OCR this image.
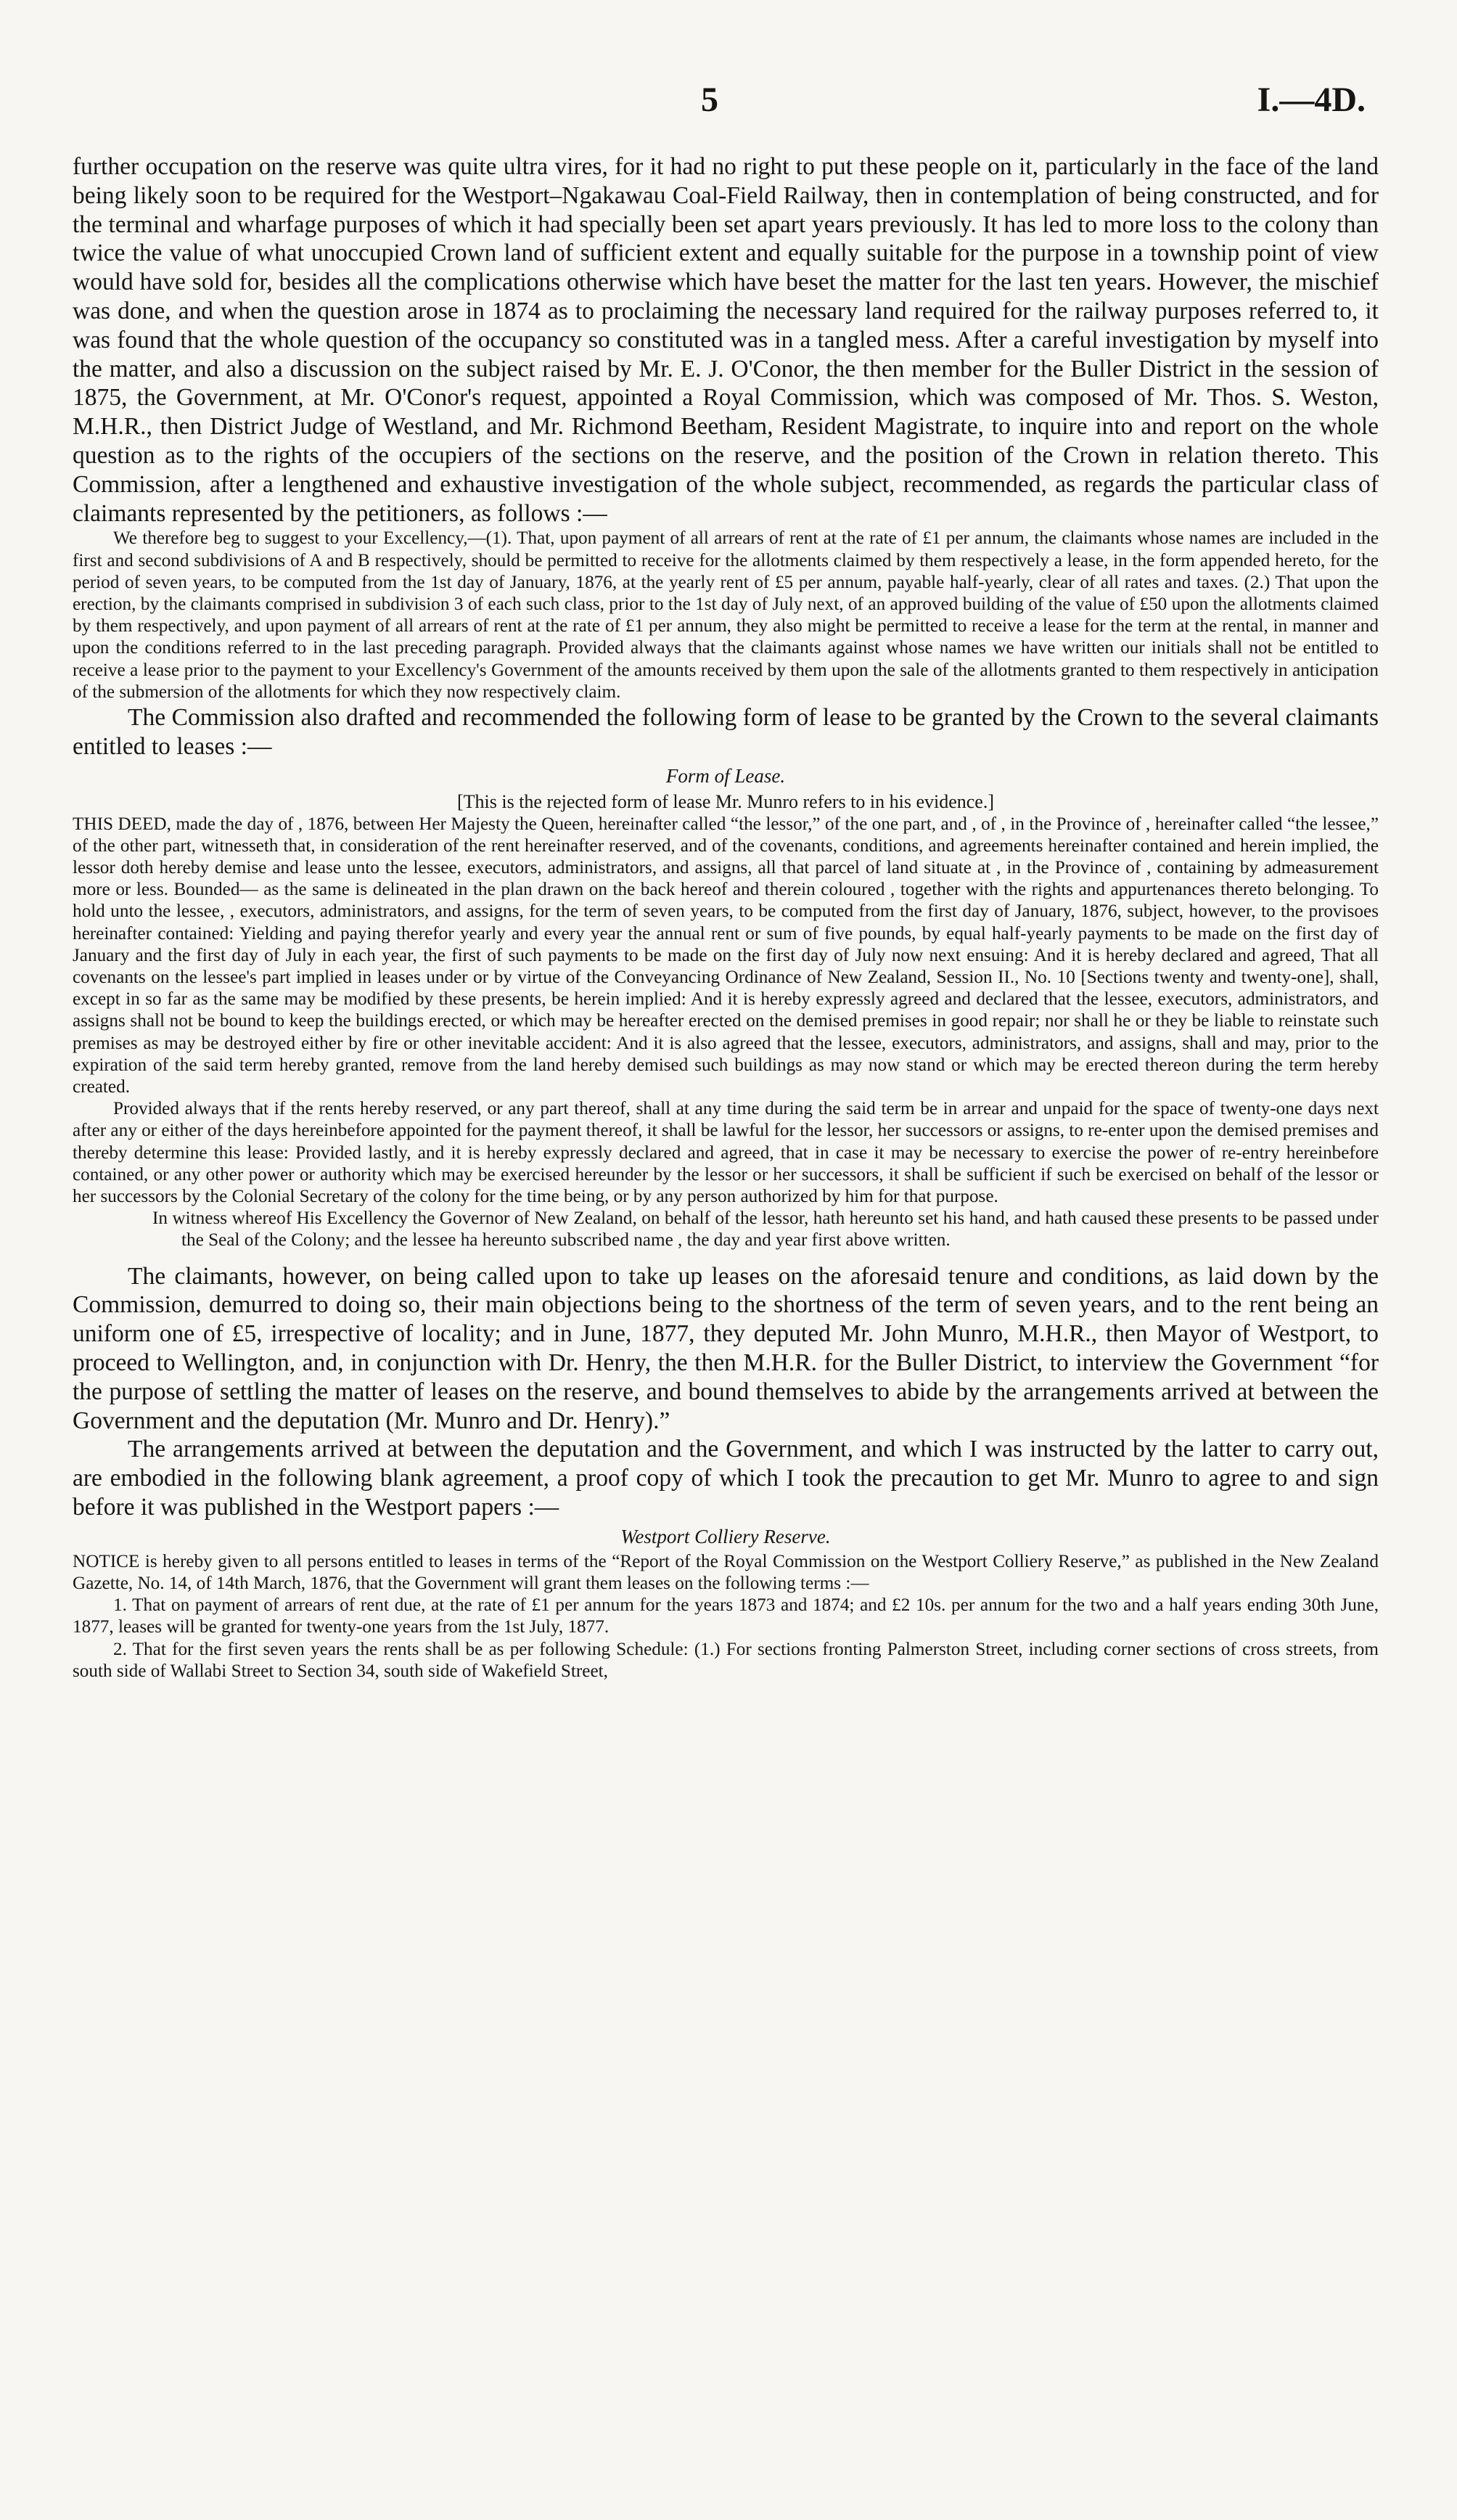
5	I.—4D.

further occupation on the reserve was quite ultra vires, for it had no right to put these people on it, particularly in the face of the land being likely soon to be required for the Westport–Ngakawau Coal-Field Railway, then in contemplation of being constructed, and for the terminal and wharfage purposes of which it had specially been set apart years previously. It has led to more loss to the colony than twice the value of what unoccupied Crown land of sufficient extent and equally suitable for the purpose in a township point of view would have sold for, besides all the complications otherwise which have beset the matter for the last ten years. However, the mischief was done, and when the question arose in 1874 as to proclaiming the necessary land required for the railway purposes referred to, it was found that the whole question of the occupancy so constituted was in a tangled mess. After a careful investigation by myself into the matter, and also a discussion on the subject raised by Mr. E. J. O'Conor, the then member for the Buller District in the session of 1875, the Government, at Mr. O'Conor's request, appointed a Royal Commission, which was composed of Mr. Thos. S. Weston, M.H.R., then District Judge of Westland, and Mr. Richmond Beetham, Resident Magistrate, to inquire into and report on the whole question as to the rights of the occupiers of the sections on the reserve, and the position of the Crown in relation thereto. This Commission, after a lengthened and exhaustive investigation of the whole subject, recommended, as regards the particular class of claimants represented by the petitioners, as follows :—

We therefore beg to suggest to your Excellency,—(1). That, upon payment of all arrears of rent at the rate of £1 per annum, the claimants whose names are included in the first and second subdivisions of A and B respectively, should be permitted to receive for the allotments claimed by them respectively a lease, in the form appended hereto, for the period of seven years, to be computed from the 1st day of January, 1876, at the yearly rent of £5 per annum, payable half-yearly, clear of all rates and taxes. (2.) That upon the erection, by the claimants comprised in subdivision 3 of each such class, prior to the 1st day of July next, of an approved building of the value of £50 upon the allotments claimed by them respectively, and upon payment of all arrears of rent at the rate of £1 per annum, they also might be permitted to receive a lease for the term at the rental, in manner and upon the conditions referred to in the last preceding paragraph. Provided always that the claimants against whose names we have written our initials shall not be entitled to receive a lease prior to the payment to your Excellency's Government of the amounts received by them upon the sale of the allotments granted to them respectively in anticipation of the submersion of the allotments for which they now respectively claim.

The Commission also drafted and recommended the following form of lease to be granted by the Crown to the several claimants entitled to leases :—

Form of Lease.

[This is the rejected form of lease Mr. Munro refers to in his evidence.]

THIS DEED, made the day of , 1876, between Her Majesty the Queen, hereinafter called “the lessor,” of the one part, and , of , in the Province of , hereinafter called “the lessee,” of the other part, witnesseth that, in consideration of the rent hereinafter reserved, and of the covenants, conditions, and agreements hereinafter contained and herein implied, the lessor doth hereby demise and lease unto the lessee, executors, administrators, and assigns, all that parcel of land situate at , in the Province of , containing by admeasurement more or less. Bounded— as the same is delineated in the plan drawn on the back hereof and therein coloured , together with the rights and appurtenances thereto belonging. To hold unto the lessee, , executors, administrators, and assigns, for the term of seven years, to be computed from the first day of January, 1876, subject, however, to the provisoes hereinafter contained: Yielding and paying therefor yearly and every year the annual rent or sum of five pounds, by equal half-yearly payments to be made on the first day of January and the first day of July in each year, the first of such payments to be made on the first day of July now next ensuing: And it is hereby declared and agreed, That all covenants on the lessee's part implied in leases under or by virtue of the Conveyancing Ordinance of New Zealand, Session II., No. 10 [Sections twenty and twenty-one], shall, except in so far as the same may be modified by these presents, be herein implied: And it is hereby expressly agreed and declared that the lessee, executors, administrators, and assigns shall not be bound to keep the buildings erected, or which may be hereafter erected on the demised premises in good repair; nor shall he or they be liable to reinstate such premises as may be destroyed either by fire or other inevitable accident: And it is also agreed that the lessee, executors, administrators, and assigns, shall and may, prior to the expiration of the said term hereby granted, remove from the land hereby demised such buildings as may now stand or which may be erected thereon during the term hereby created.

Provided always that if the rents hereby reserved, or any part thereof, shall at any time during the said term be in arrear and unpaid for the space of twenty-one days next after any or either of the days hereinbefore appointed for the payment thereof, it shall be lawful for the lessor, her successors or assigns, to re-enter upon the demised premises and thereby determine this lease: Provided lastly, and it is hereby expressly declared and agreed, that in case it may be necessary to exercise the power of re-entry hereinbefore contained, or any other power or authority which may be exercised hereunder by the lessor or her successors, it shall be sufficient if such be exercised on behalf of the lessor or her successors by the Colonial Secretary of the colony for the time being, or by any person authorized by him for that purpose.

In witness whereof His Excellency the Governor of New Zealand, on behalf of the lessor, hath hereunto set his hand, and hath caused these presents to be passed under the Seal of the Colony; and the lessee ha hereunto subscribed name , the day and year first above written.

The claimants, however, on being called upon to take up leases on the aforesaid tenure and conditions, as laid down by the Commission, demurred to doing so, their main objections being to the shortness of the term of seven years, and to the rent being an uniform one of £5, irrespective of locality; and in June, 1877, they deputed Mr. John Munro, M.H.R., then Mayor of Westport, to proceed to Wellington, and, in conjunction with Dr. Henry, the then M.H.R. for the Buller District, to interview the Government “for the purpose of settling the matter of leases on the reserve, and bound themselves to abide by the arrangements arrived at between the Government and the deputation (Mr. Munro and Dr. Henry).”

The arrangements arrived at between the deputation and the Government, and which I was instructed by the latter to carry out, are embodied in the following blank agreement, a proof copy of which I took the precaution to get Mr. Munro to agree to and sign before it was published in the Westport papers :—

Westport Colliery Reserve.

NOTICE is hereby given to all persons entitled to leases in terms of the “Report of the Royal Commission on the Westport Colliery Reserve,” as published in the New Zealand Gazette, No. 14, of 14th March, 1876, that the Government will grant them leases on the following terms :—

1. That on payment of arrears of rent due, at the rate of £1 per annum for the years 1873 and 1874; and £2 10s. per annum for the two and a half years ending 30th June, 1877, leases will be granted for twenty-one years from the 1st July, 1877.

2. That for the first seven years the rents shall be as per following Schedule: (1.) For sections fronting Palmerston Street, including corner sections of cross streets, from south side of Wallabi Street to Section 34, south side of Wakefield Street,
